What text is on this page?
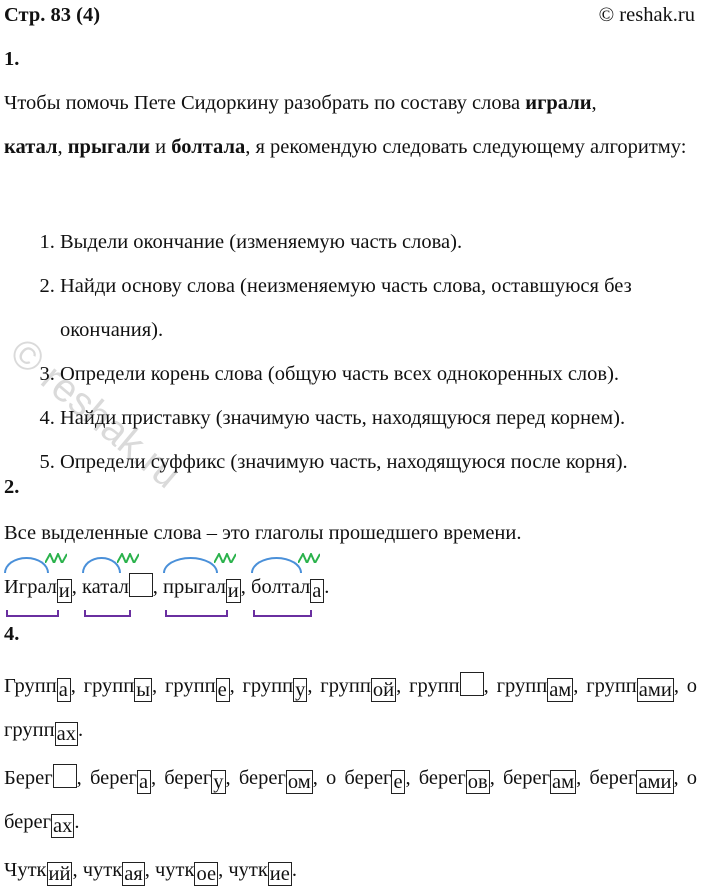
© reshak.ru
Стр. 83 (4)	© reshak.ru
1.
Чтобы помочь Пете Сидоркину разобрать по составу слова играли,
катал, прыгали и болтала, я рекомендую следовать следующему алгоритму:
1. Выдели окончание (изменяемую часть слова).
2. Найди основу слова (неизменяемую часть слова, оставшуюся без окончания).
3. Определи корень слова (общую часть всех однокоренных слов).
4. Найди приставку (значимую часть, находящуюся перед корнем).
5. Определи суффикс (значимую часть, находящуюся после корня).
2.
Все выделенные слова – это глаголы прошедшего времени.
Играл
и
, катал , прыгал
и
, болтал
а .
4.
Группа , группы, группе , группу, группой, групп , группам, группами, о группах.
Берег , берега , берегу, берегом, о береге , берегов, берегам, берегами, о берегах.
Чуткий, чуткая, чуткое, чуткие.
